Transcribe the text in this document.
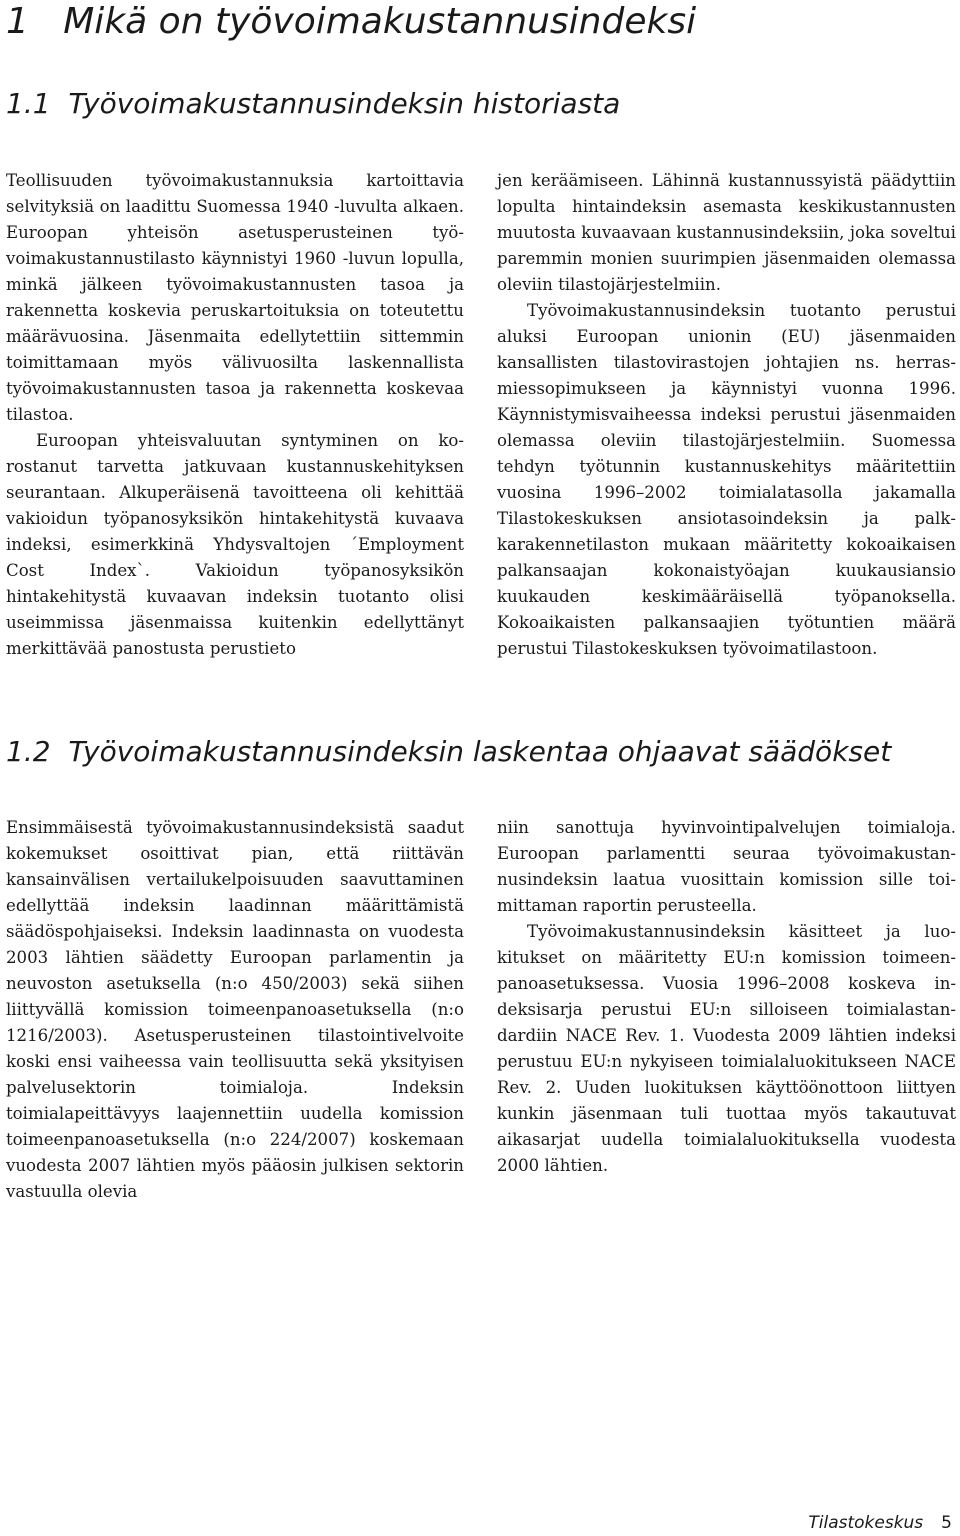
1 Mikä on työvoimakustannusindeksi
1.1 Työvoimakustannusindeksin historiasta

Teollisuuden työvoimakustannuksia kartoittavia selvityksiä on laadittu Suomessa 1940 -luvulta alkaen. Euroopan yhteisön asetusperusteinen työvoimakustannustilasto käynnistyi 1960 -luvun lopulla, minkä jälkeen työvoimakustannusten tasoa ja rakennetta koskevia peruskartoituksia on toteutettu määrävuosina. Jäsenmaita edellytettiin sittemmin toimittamaan myös välivuosilta laskennallista työvoimakustannusten tasoa ja rakennetta koskevaa tilastoa.

Euroopan yhteisvaluutan syntyminen on korostanut tarvetta jatkuvaan kustannuskehityksen seurantaan. Alkuperäisenä tavoitteena oli kehittää vakioidun työpanosyksikön hintakehitystä kuvaava indeksi, esimerkkinä Yhdysvaltojen ´Employment Cost Index`. Vakioidun työpanosyksikön hintakehitystä kuvaavan indeksin tuotanto olisi useimmissa jäsenmaissa kuitenkin edellyttänyt merkittävää panostusta perustieto

jen keräämiseen. Lähinnä kustannussyistä päädyttiin lopulta hintaindeksin asemasta keskikustannusten muutosta kuvaavaan kustannusindeksiin, joka soveltui paremmin monien suurimpien jäsenmaiden olemassa oleviin tilastojärjestelmiin.

Työvoimakustannusindeksin tuotanto perustui aluksi Euroopan unionin (EU) jäsenmaiden kansallisten tilastovirastojen johtajien ns. herrasmiessopimukseen ja käynnistyi vuonna 1996. Käynnistymisvaiheessa indeksi perustui jäsenmaiden olemassa oleviin tilastojärjestelmiin. Suomessa tehdyn työtunnin kustannuskehitys määritettiin vuosina 1996–2002 toimialatasolla jakamalla Tilastokeskuksen ansiotasoindeksin ja palkkarakennetilaston mukaan määritetty kokoaikaisen palkansaajan kokonaistyöajan kuukausiansio kuukauden keskimääräisellä työpanoksella. Kokoaikaisten palkansaajien työtuntien määrä perustui Tilastokeskuksen työvoimatilastoon.

1.2 Työvoimakustannusindeksin laskentaa ohjaavat säädökset

Ensimmäisestä työvoimakustannusindeksistä saadut kokemukset osoittivat pian, että riittävän kansainvälisen vertailukelpoisuuden saavuttaminen edellyttää indeksin laadinnan määrittämistä säädöspohjaiseksi. Indeksin laadinnasta on vuodesta 2003 lähtien säädetty Euroopan parlamentin ja neuvoston asetuksella (n:o 450/2003) sekä siihen liittyvällä komission toimeenpanoasetuksella (n:o 1216/2003). Asetusperusteinen tilastointivelvoite koski ensi vaiheessa vain teollisuutta sekä yksityisen palvelusektorin toimialoja. Indeksin toimialapeittävyys laajennettiin uudella komission toimeenpanoasetuksella (n:o 224/2007) koskemaan vuodesta 2007 lähtien myös pääosin julkisen sektorin vastuulla olevia

niin sanottuja hyvinvointipalvelujen toimialoja. Euroopan parlamentti seuraa työvoimakustannusindeksin laatua vuosittain komission sille toimittaman raportin perusteella.

Työvoimakustannusindeksin käsitteet ja luokitukset on määritetty EU:n komission toimeenpanoasetuksessa. Vuosia 1996–2008 koskeva indeksisarja perustui EU:n silloiseen toimialastandardiin NACE Rev. 1. Vuodesta 2009 lähtien indeksi perustuu EU:n nykyiseen toimialaluokitukseen NACE Rev. 2. Uuden luokituksen käyttöönottoon liittyen kunkin jäsenmaan tuli tuottaa myös takautuvat aikasarjat uudella toimialaluokituksella vuodesta 2000 lähtien.

Tilastokeskus 5
